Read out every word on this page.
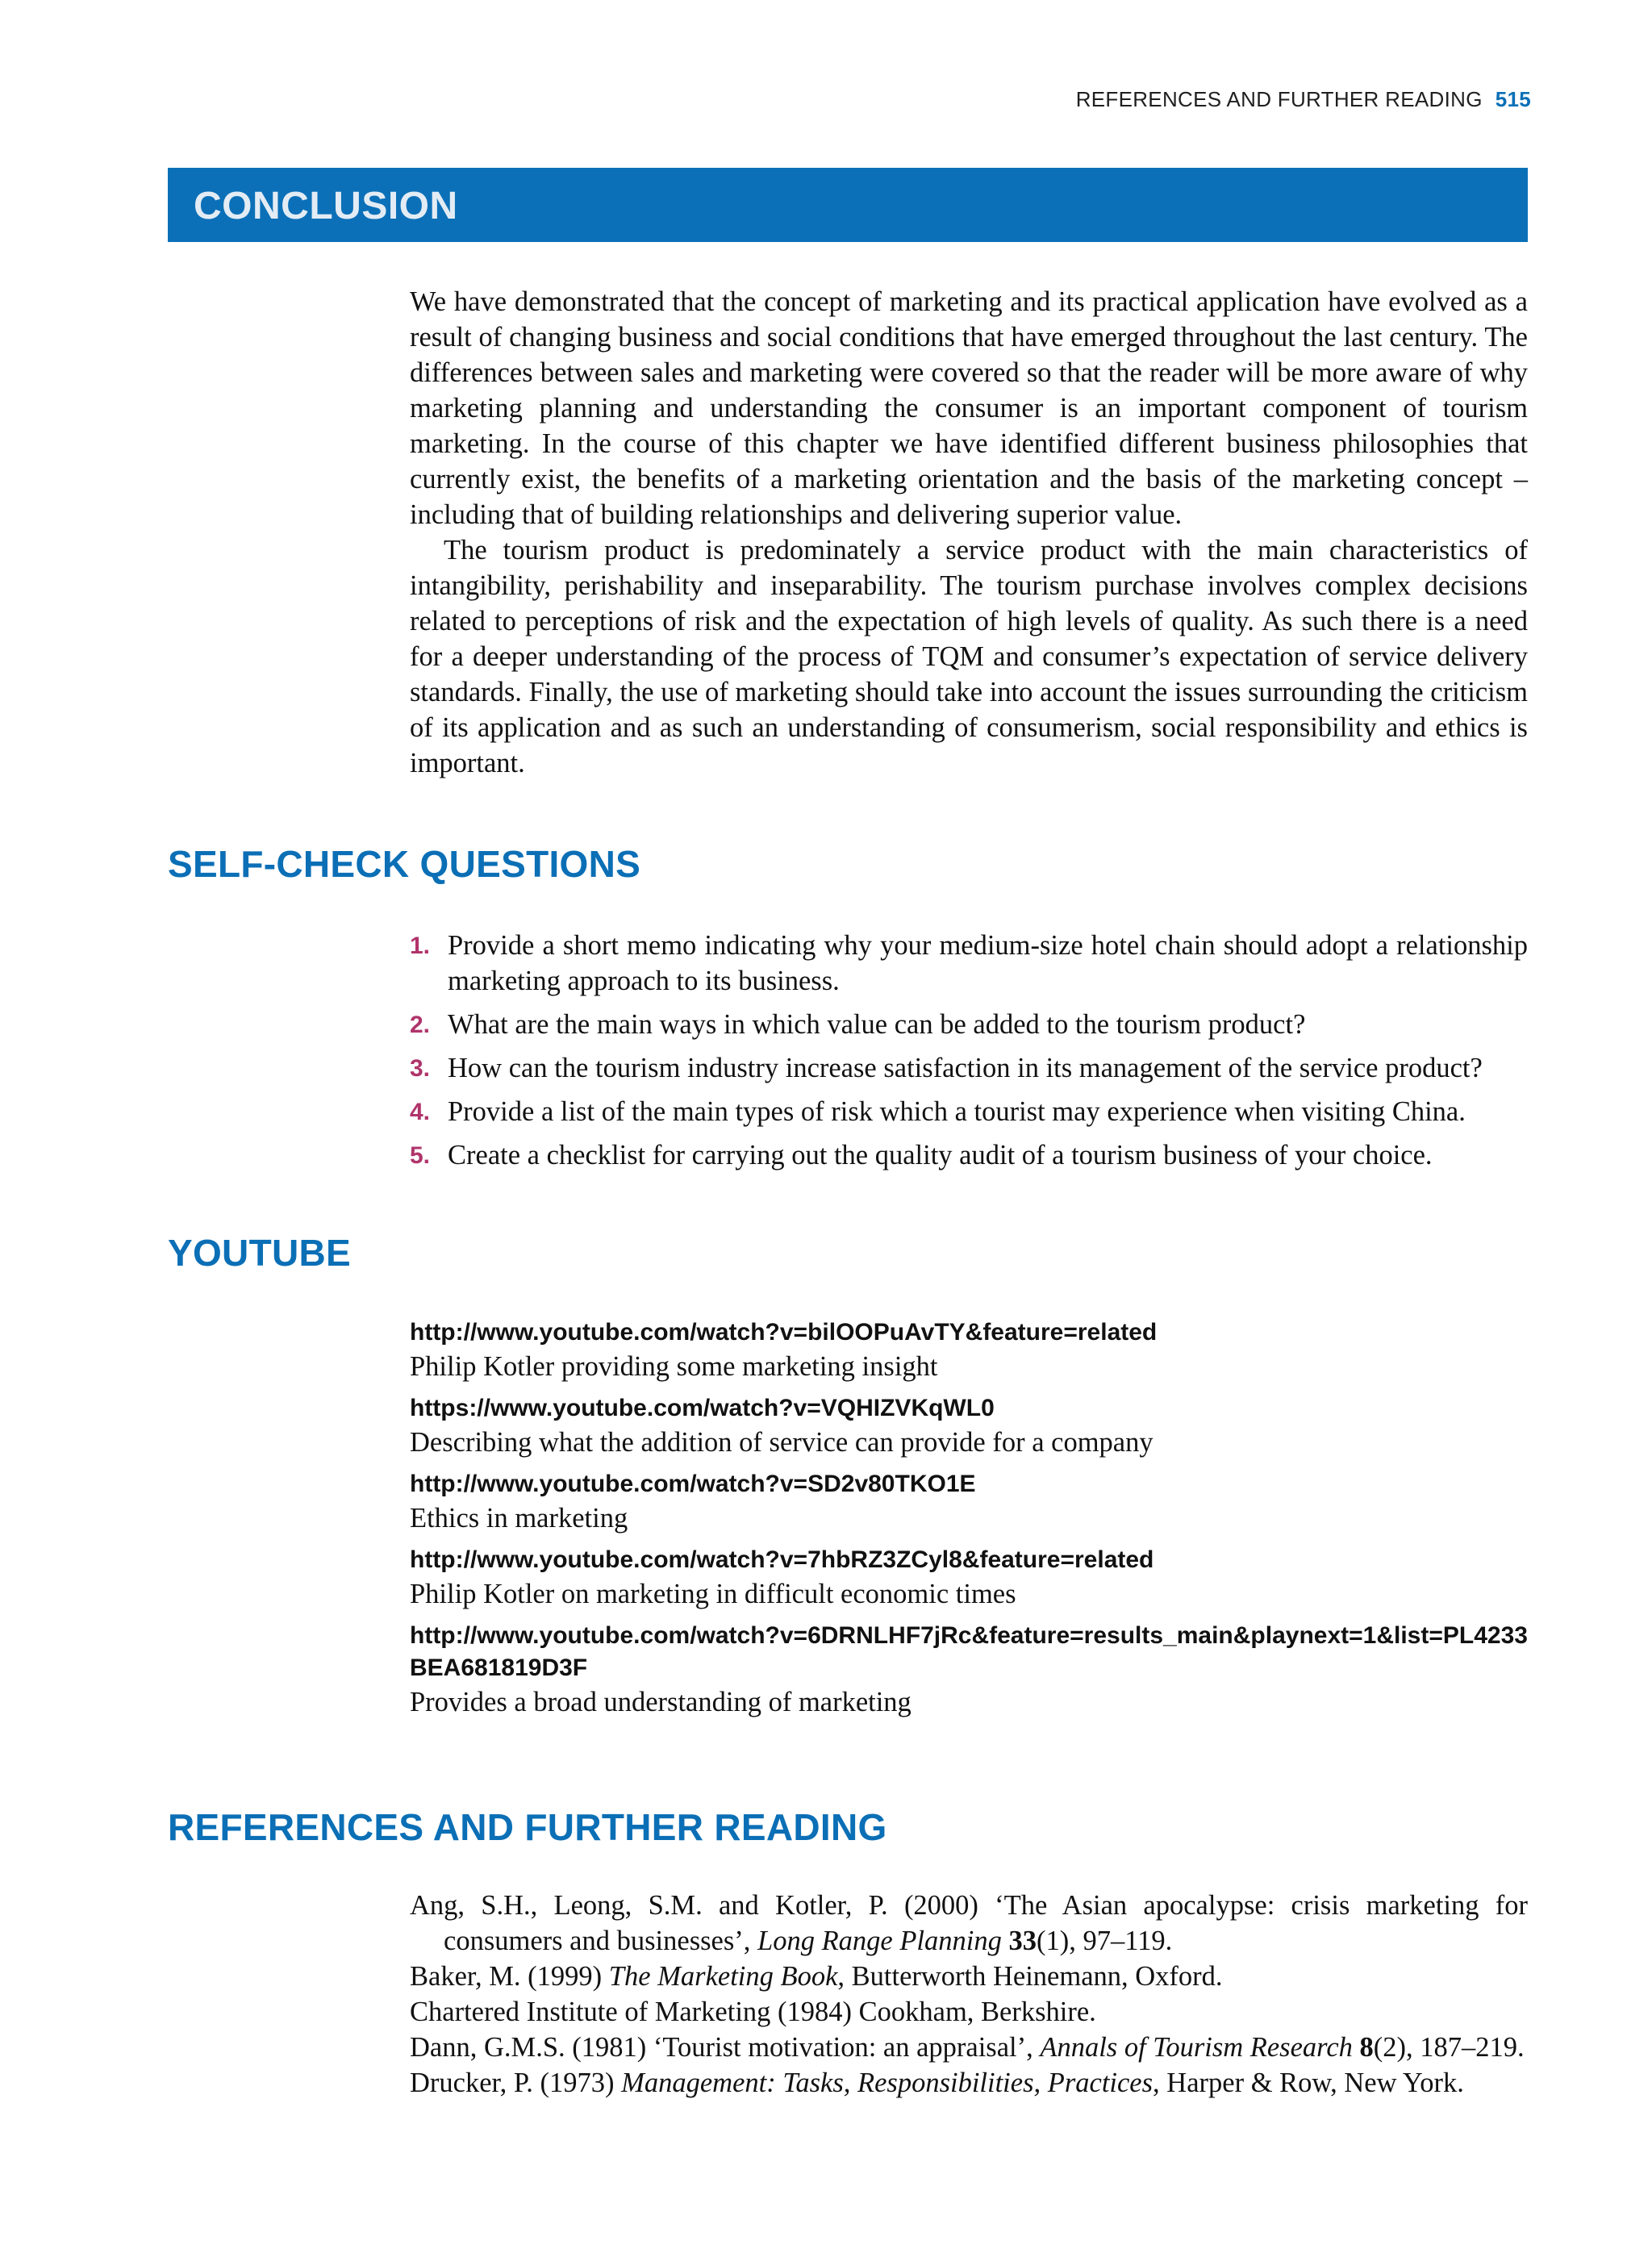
REFERENCES AND FURTHER READING 515
CONCLUSION

We have demonstrated that the concept of marketing and its practical application have evolved as a result of changing business and social conditions that have emerged throughout the last century. The differences between sales and marketing were covered so that the reader will be more aware of why marketing planning and understanding the consumer is an important component of tourism marketing. In the course of this chapter we have identified different business philosophies that currently exist, the benefits of a marketing orientation and the basis of the marketing concept – including that of building relationships and delivering superior value.

The tourism product is predominately a service product with the main characteristics of intangibility, perishability and inseparability. The tourism purchase involves complex decisions related to perceptions of risk and the expectation of high levels of quality. As such there is a need for a deeper understanding of the process of TQM and consumer’s expectation of service delivery standards. Finally, the use of marketing should take into account the issues surrounding the criticism of its application and as such an understanding of consumerism, social responsibility and ethics is important.

SELF-CHECK QUESTIONS
1. Provide a short memo indicating why your medium-size hotel chain should adopt a relationship marketing approach to its business.
2. What are the main ways in which value can be added to the tourism product?
3. How can the tourism industry increase satisfaction in its management of the service product?
4. Provide a list of the main types of risk which a tourist may experience when visiting China.
5. Create a checklist for carrying out the quality audit of a tourism business of your choice.
YOUTUBE
http://www.youtube.com/watch?v=bilOOPuAvTY&feature=related
Philip Kotler providing some marketing insight
https://www.youtube.com/watch?v=VQHIZVKqWL0
Describing what the addition of service can provide for a company
http://www.youtube.com/watch?v=SD2v80TKO1E
Ethics in marketing
http://www.youtube.com/watch?v=7hbRZ3ZCyl8&feature=related
Philip Kotler on marketing in difficult economic times
http://www.youtube.com/watch?v=6DRNLHF7jRc&feature=results_main&playnext=1&list=PL4233BEA681819D3F
Provides a broad understanding of marketing
REFERENCES AND FURTHER READING
Ang, S.H., Leong, S.M. and Kotler, P. (2000) ‘The Asian apocalypse: crisis marketing for consumers and businesses’, Long Range Planning 33(1), 97–119.
Baker, M. (1999) The Marketing Book, Butterworth Heinemann, Oxford.
Chartered Institute of Marketing (1984) Cookham, Berkshire.
Dann, G.M.S. (1981) ‘Tourist motivation: an appraisal’, Annals of Tourism Research 8(2), 187–219.
Drucker, P. (1973) Management: Tasks, Responsibilities, Practices, Harper & Row, New York.
